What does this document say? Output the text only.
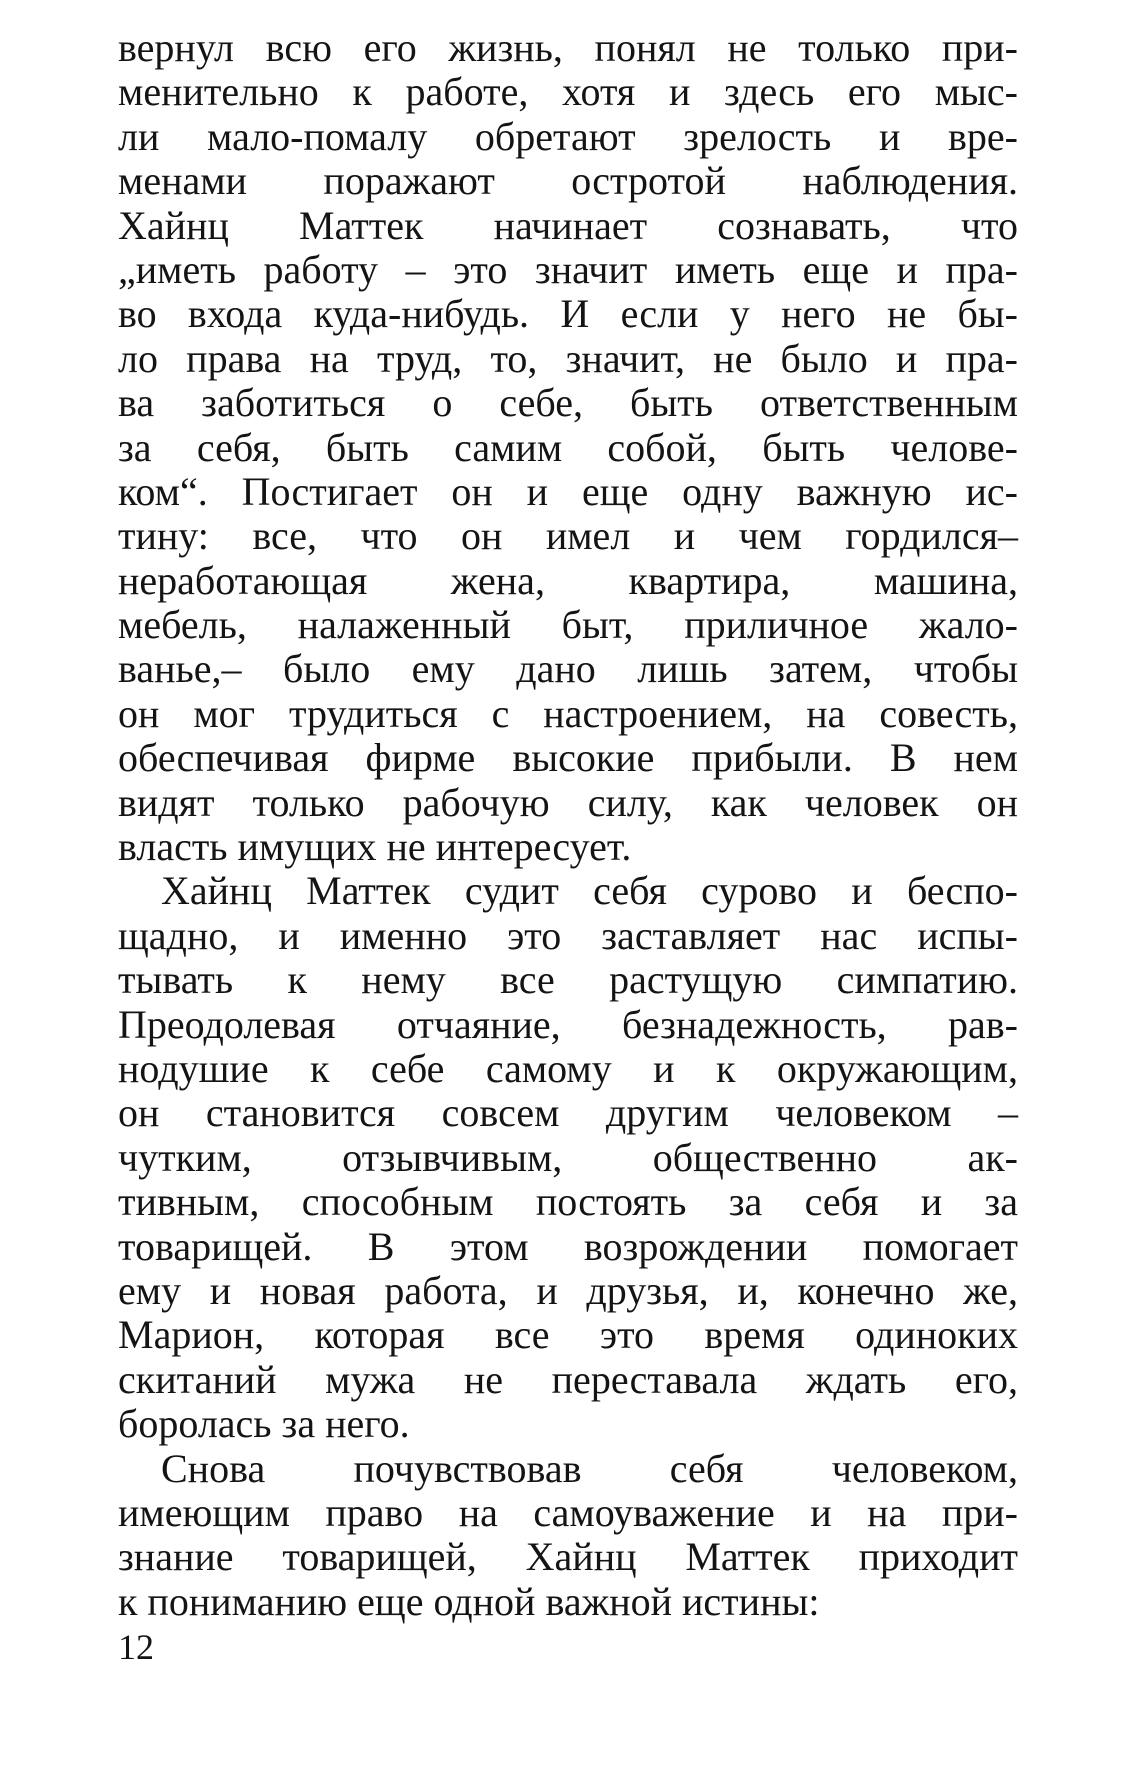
вернул всю его жизнь, понял не только при-
менительно к работе, хотя и здесь его мыс-
ли мало-помалу обретают зрелость и вре-
менами поражают остротой наблюдения.
Хайнц Маттек начинает сознавать, что
„иметь работу – это значит иметь еще и пра-
во входа куда-нибудь. И если у него не бы-
ло права на труд, то, значит, не было и пра-
ва заботиться о себе, быть ответственным
за себя, быть самим собой, быть челове-
ком“. Постигает он и еще одну важную ис-
тину: все, что он имел и чем гордился–
неработающая жена, квартира, машина,
мебель, налаженный быт, приличное жало-
ванье,– было ему дано лишь затем, чтобы
он мог трудиться с настроением, на совесть,
обеспечивая фирме высокие прибыли. В нем
видят только рабочую силу, как человек он
власть имущих не интересует.
Хайнц Маттек судит себя сурово и беспо-
щадно, и именно это заставляет нас испы-
тывать к нему все растущую симпатию.
Преодолевая отчаяние, безнадежность, рав-
нодушие к себе самому и к окружающим,
он становится совсем другим человеком –
чутким, отзывчивым, общественно ак-
тивным, способным постоять за себя и за
товарищей. В этом возрождении помогает
ему и новая работа, и друзья, и, конечно же,
Марион, которая все это время одиноких
скитаний мужа не переставала ждать его,
боролась за него.
Снова почувствовав себя человеком,
имеющим право на самоуважение и на при-
знание товарищей, Хайнц Маттек приходит
к пониманию еще одной важной истины:
12
